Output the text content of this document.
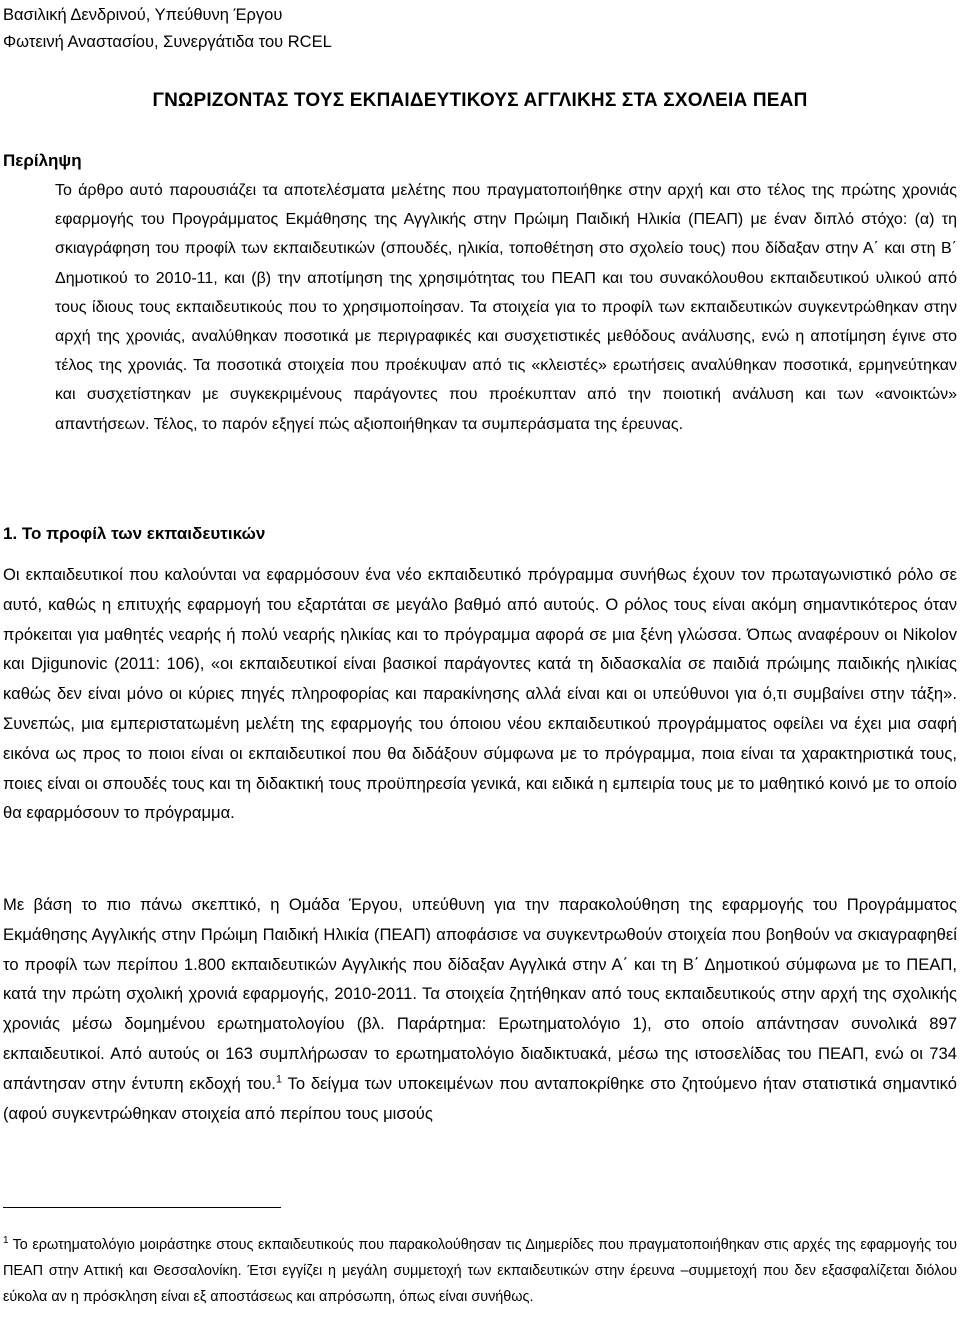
Βασιλική Δενδρινού, Υπεύθυνη Έργου
Φωτεινή Αναστασίου, Συνεργάτιδα του RCEL
ΓΝΩΡΙΖΟΝΤΑΣ ΤΟΥΣ ΕΚΠΑΙΔΕΥΤΙΚΟΥΣ ΑΓΓΛΙΚΗΣ ΣΤΑ ΣΧΟΛΕΙΑ ΠΕΑΠ
Περίληψη

Το άρθρο αυτό παρουσιάζει τα αποτελέσματα μελέτης που πραγματοποιήθηκε στην αρχή και στο τέλος της πρώτης χρονιάς εφαρμογής του Προγράμματος Εκμάθησης της Αγγλικής στην Πρώιμη Παιδική Ηλικία (ΠΕΑΠ) με έναν διπλό στόχο: (α) τη σκιαγράφηση του προφίλ των εκπαιδευτικών (σπουδές, ηλικία, τοποθέτηση στο σχολείο τους) που δίδαξαν στην Α΄ και στη Β΄ Δημοτικού το 2010-11, και (β) την αποτίμηση της χρησιμότητας του ΠΕΑΠ και του συνακόλουθου εκπαιδευτικού υλικού από τους ίδιους τους εκπαιδευτικούς που το χρησιμοποίησαν. Τα στοιχεία για το προφίλ των εκπαιδευτικών συγκεντρώθηκαν στην αρχή της χρονιάς, αναλύθηκαν ποσοτικά με περιγραφικές και συσχετιστικές μεθόδους ανάλυσης, ενώ η αποτίμηση έγινε στο τέλος της χρονιάς. Τα ποσοτικά στοιχεία που προέκυψαν από τις «κλειστές» ερωτήσεις αναλύθηκαν ποσοτικά, ερμηνεύτηκαν και συσχετίστηκαν με συγκεκριμένους παράγοντες που προέκυπταν από την ποιοτική ανάλυση και των «ανοικτών» απαντήσεων. Τέλος, το παρόν εξηγεί πώς αξιοποιήθηκαν τα συμπεράσματα της έρευνας.

1. Το προφίλ των εκπαιδευτικών

Οι εκπαιδευτικοί που καλούνται να εφαρμόσουν ένα νέο εκπαιδευτικό πρόγραμμα συνήθως έχουν τον πρωταγωνιστικό ρόλο σε αυτό, καθώς η επιτυχής εφαρμογή του εξαρτάται σε μεγάλο βαθμό από αυτούς. Ο ρόλος τους είναι ακόμη σημαντικότερος όταν πρόκειται για μαθητές νεαρής ή πολύ νεαρής ηλικίας και το πρόγραμμα αφορά σε μια ξένη γλώσσα. Όπως αναφέρουν οι Nikolov και Djigunovic (2011: 106), «οι εκπαιδευτικοί είναι βασικοί παράγοντες κατά τη διδασκαλία σε παιδιά πρώιμης παιδικής ηλικίας καθώς δεν είναι μόνο οι κύριες πηγές πληροφορίας και παρακίνησης αλλά είναι και οι υπεύθυνοι για ό,τι συμβαίνει στην τάξη». Συνεπώς, μια εμπεριστατωμένη μελέτη της εφαρμογής του όποιου νέου εκπαιδευτικού προγράμματος οφείλει να έχει μια σαφή εικόνα ως προς το ποιοι είναι οι εκπαιδευτικοί που θα διδάξουν σύμφωνα με το πρόγραμμα, ποια είναι τα χαρακτηριστικά τους, ποιες είναι οι σπουδές τους και τη διδακτική τους προϋπηρεσία γενικά, και ειδικά η εμπειρία τους με το μαθητικό κοινό με το οποίο θα εφαρμόσουν το πρόγραμμα.

Με βάση το πιο πάνω σκεπτικό, η Ομάδα Έργου, υπεύθυνη για την παρακολούθηση της εφαρμογής του Προγράμματος Εκμάθησης Αγγλικής στην Πρώιμη Παιδική Ηλικία (ΠΕΑΠ) αποφάσισε να συγκεντρωθούν στοιχεία που βοηθούν να σκιαγραφηθεί το προφίλ των περίπου 1.800 εκπαιδευτικών Αγγλικής που δίδαξαν Αγγλικά στην Α΄ και τη Β΄ Δημοτικού σύμφωνα με το ΠΕΑΠ, κατά την πρώτη σχολική χρονιά εφαρμογής, 2010-2011. Τα στοιχεία ζητήθηκαν από τους εκπαιδευτικούς στην αρχή της σχολικής χρονιάς μέσω δομημένου ερωτηματολογίου (βλ. Παράρτημα: Ερωτηματολόγιο 1), στο οποίο απάντησαν συνολικά 897 εκπαιδευτικοί. Από αυτούς οι 163 συμπλήρωσαν το ερωτηματολόγιο διαδικτυακά, μέσω της ιστοσελίδας του ΠΕΑΠ, ενώ οι 734 απάντησαν στην έντυπη εκδοχή του.$^1$ Το δείγμα των υποκειμένων που ανταποκρίθηκε στο ζητούμενο ήταν στατιστικά σημαντικό (αφού συγκεντρώθηκαν στοιχεία από περίπου τους μισούς

$^1$ Το ερωτηματολόγιο μοιράστηκε στους εκπαιδευτικούς που παρακολούθησαν τις Διημερίδες που πραγματοποιήθηκαν στις αρχές της εφαρμογής του ΠΕΑΠ στην Αττική και Θεσσαλονίκη. Έτσι εγγίζει η μεγάλη συμμετοχή των εκπαιδευτικών στην έρευνα –συμμετοχή που δεν εξασφαλίζεται διόλου εύκολα αν η πρόσκληση είναι εξ αποστάσεως και απρόσωπη, όπως είναι συνήθως.
